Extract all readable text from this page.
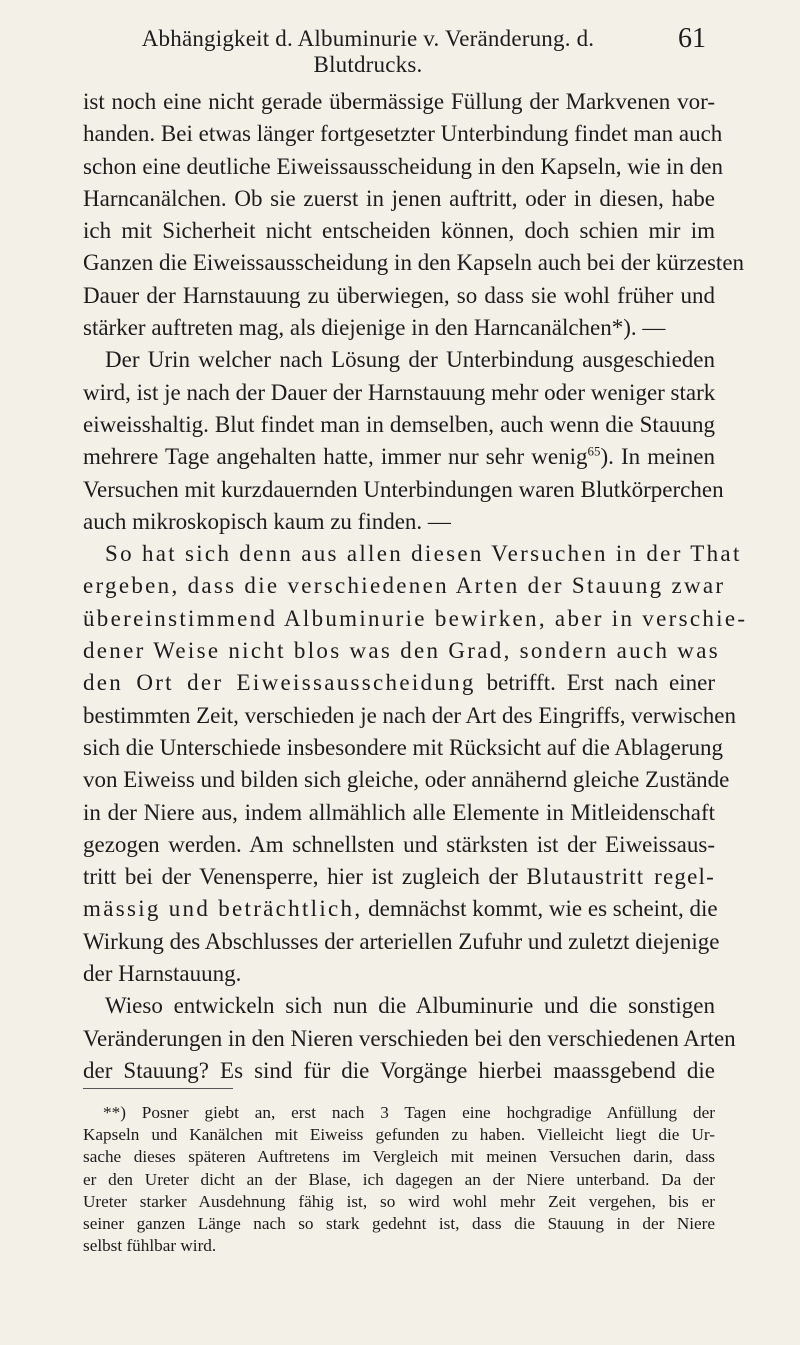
Abhängigkeit d. Albuminurie v. Veränderung. d. Blutdrucks.
61
ist noch eine nicht gerade übermässige Füllung der Markvenen vor-
handen. Bei etwas länger fortgesetzter Unterbindung findet man auch
schon eine deutliche Eiweissausscheidung in den Kapseln, wie in den
Harncanälchen. Ob sie zuerst in jenen auftritt, oder in diesen, habe
ich mit Sicherheit nicht entscheiden können, doch schien mir im
Ganzen die Eiweissausscheidung in den Kapseln auch bei der kürzesten
Dauer der Harnstauung zu überwiegen, so dass sie wohl früher und
stärker auftreten mag, als diejenige in den Harncanälchen*). —
Der Urin welcher nach Lösung der Unterbindung ausgeschieden
wird, ist je nach der Dauer der Harnstauung mehr oder weniger stark
eiweisshaltig. Blut findet man in demselben, auch wenn die Stauung
mehrere Tage angehalten hatte, immer nur sehr wenig$^{65}$). In meinen
Versuchen mit kurzdauernden Unterbindungen waren Blutkörperchen
auch mikroskopisch kaum zu finden. —
So hat sich denn aus allen diesen Versuchen in der That
ergeben, dass die verschiedenen Arten der Stauung zwar
übereinstimmend Albuminurie bewirken, aber in verschie-
dener Weise nicht blos was den Grad, sondern auch was
den Ort der Eiweissausscheidung betrifft. Erst nach einer
bestimmten Zeit, verschieden je nach der Art des Eingriffs, verwischen
sich die Unterschiede insbesondere mit Rücksicht auf die Ablagerung
von Eiweiss und bilden sich gleiche, oder annähernd gleiche Zustände
in der Niere aus, indem allmählich alle Elemente in Mitleidenschaft
gezogen werden. Am schnellsten und stärksten ist der Eiweissaus-
tritt bei der Venensperre, hier ist zugleich der Blutaustritt regel-
mässig und beträchtlich, demnächst kommt, wie es scheint, die
Wirkung des Abschlusses der arteriellen Zufuhr und zuletzt diejenige
der Harnstauung.
Wieso entwickeln sich nun die Albuminurie und die sonstigen
Veränderungen in den Nieren verschieden bei den verschiedenen Arten
der Stauung? Es sind für die Vorgänge hierbei maassgebend die
**) Posner giebt an, erst nach 3 Tagen eine hochgradige Anfüllung der
Kapseln und Kanälchen mit Eiweiss gefunden zu haben. Vielleicht liegt die Ur-
sache dieses späteren Auftretens im Vergleich mit meinen Versuchen darin, dass
er den Ureter dicht an der Blase, ich dagegen an der Niere unterband. Da der
Ureter starker Ausdehnung fähig ist, so wird wohl mehr Zeit vergehen, bis er
seiner ganzen Länge nach so stark gedehnt ist, dass die Stauung in der Niere
selbst fühlbar wird.
